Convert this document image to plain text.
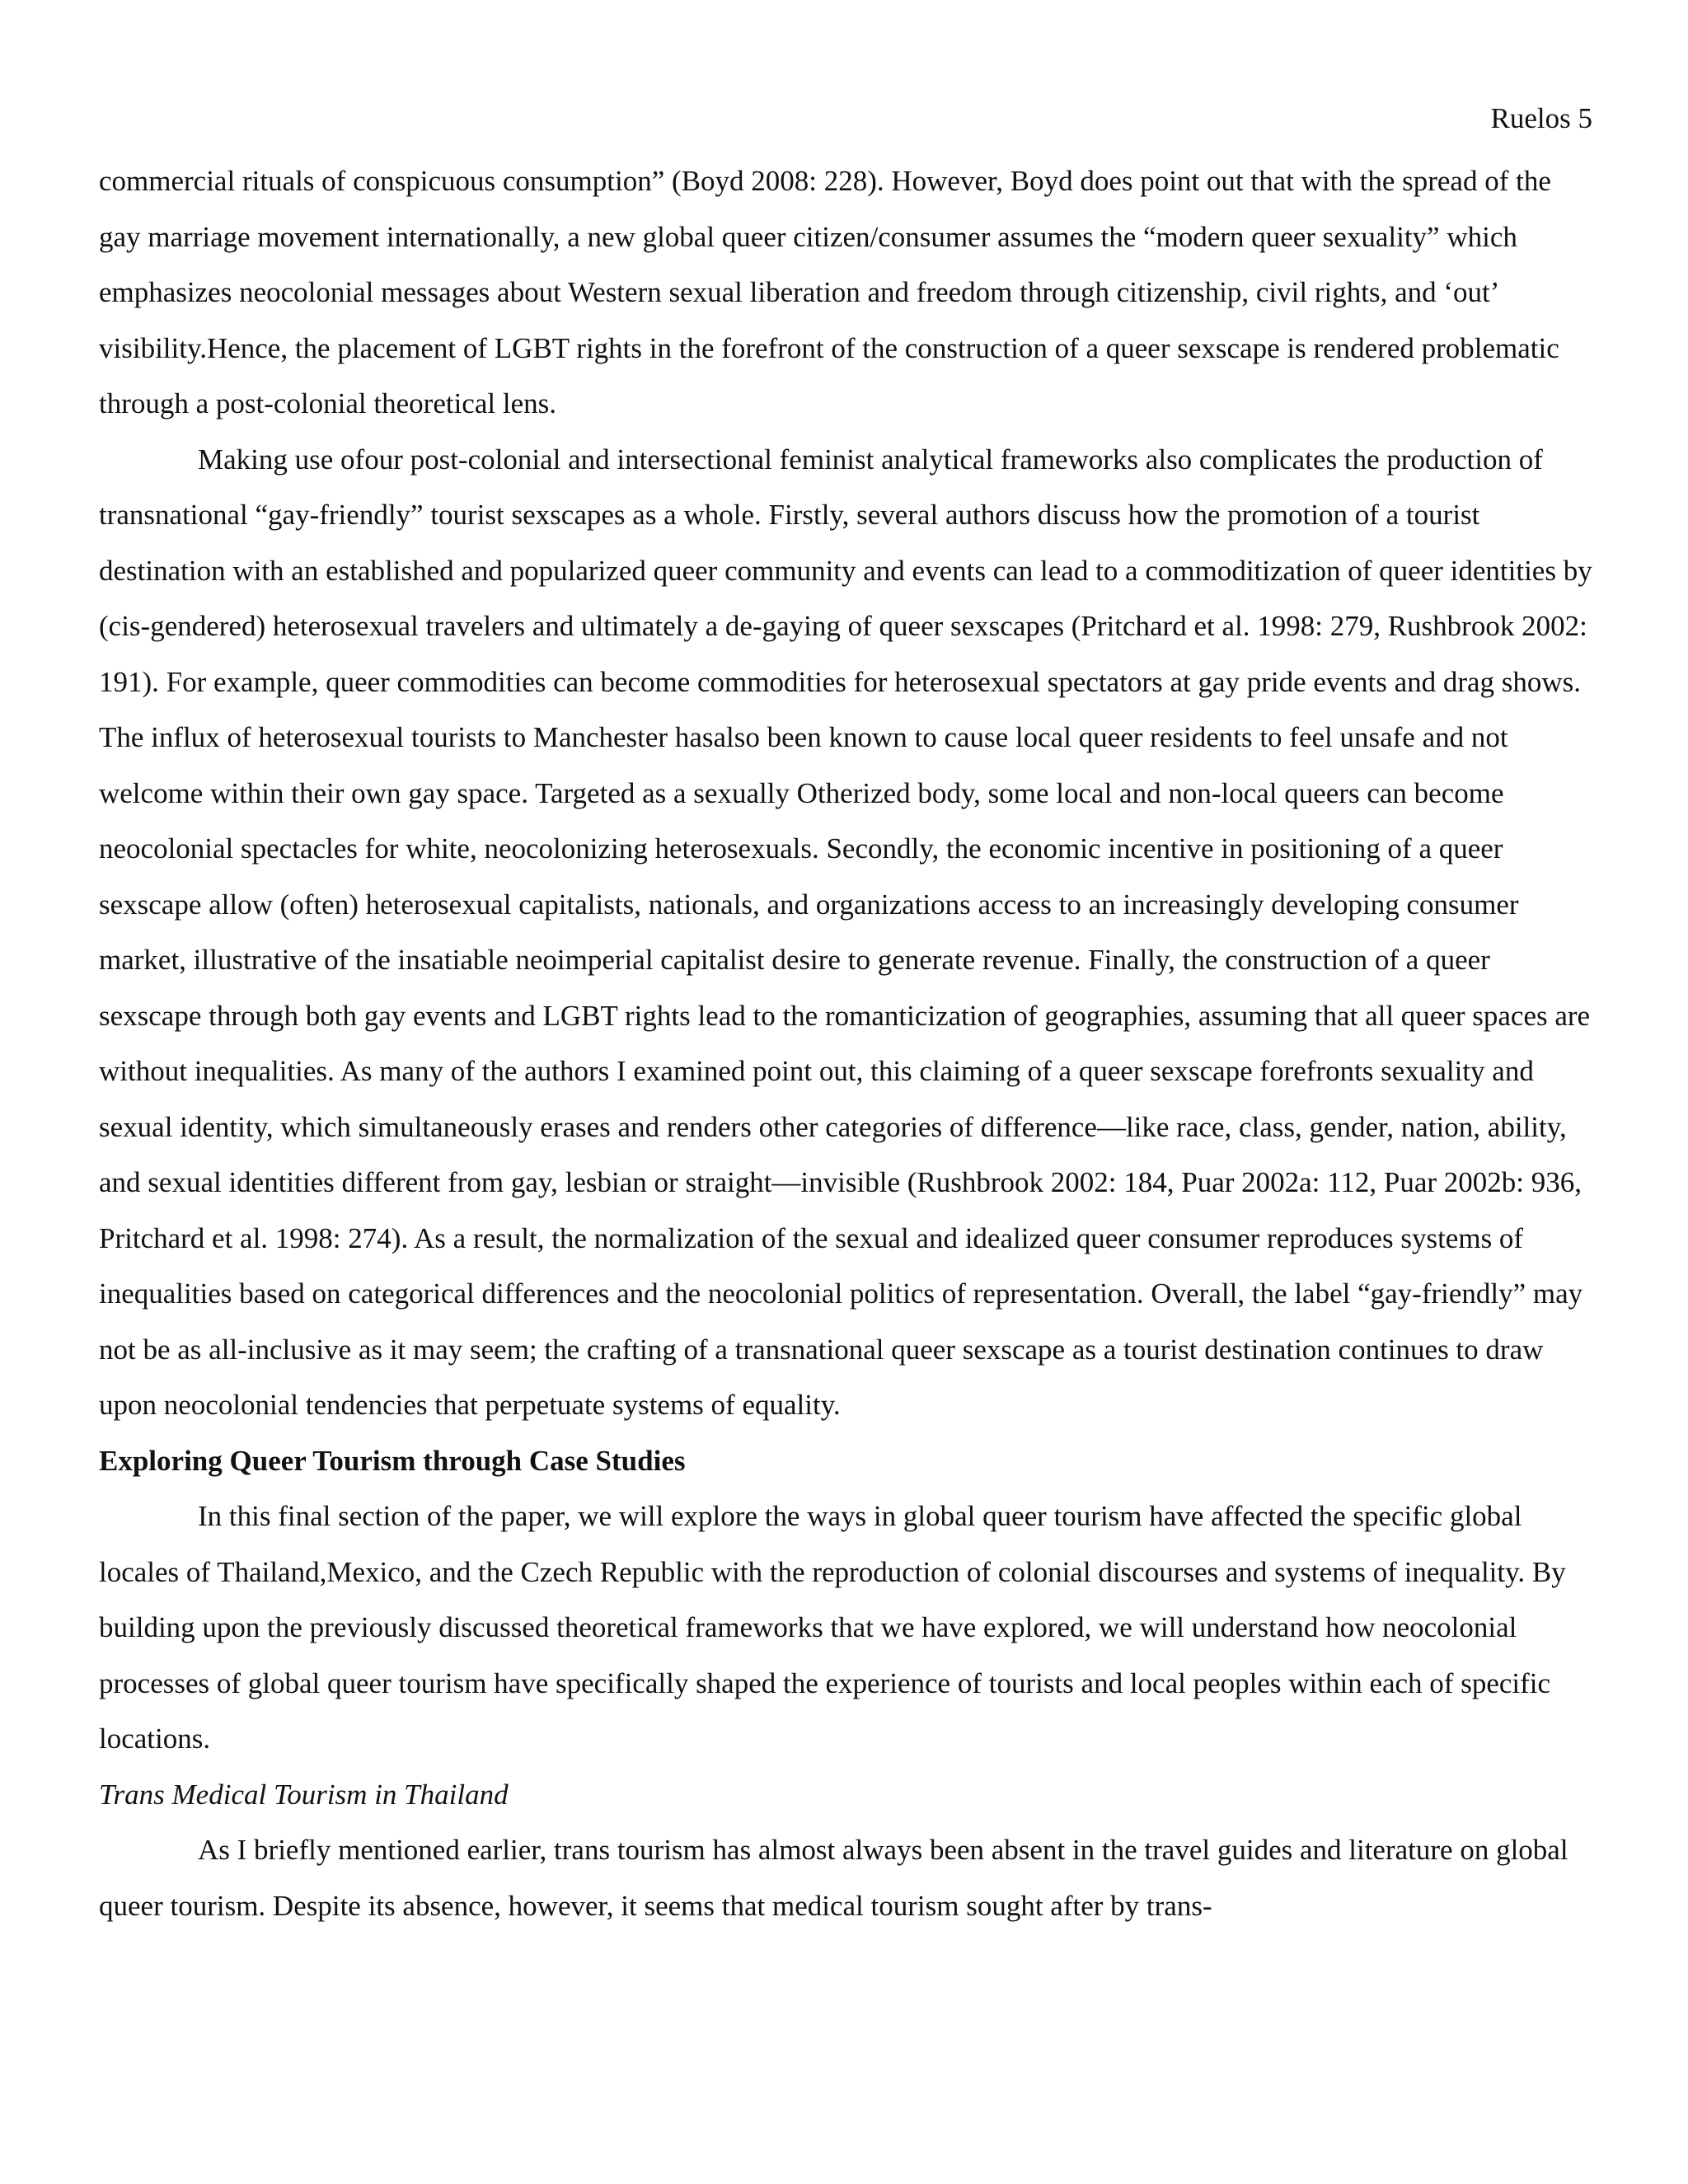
Ruelos 5

commercial rituals of conspicuous consumption” (Boyd 2008: 228). However, Boyd does point out that with the spread of the gay marriage movement internationally, a new global queer citizen/consumer assumes the “modern queer sexuality” which emphasizes neocolonial messages about Western sexual liberation and freedom through citizenship, civil rights, and ‘out’ visibility.Hence, the placement of LGBT rights in the forefront of the construction of a queer sexscape is rendered problematic through a post-colonial theoretical lens.

Making use ofour post-colonial and intersectional feminist analytical frameworks also complicates the production of transnational “gay-friendly” tourist sexscapes as a whole. Firstly, several authors discuss how the promotion of a tourist destination with an established and popularized queer community and events can lead to a commoditization of queer identities by (cis-gendered) heterosexual travelers and ultimately a de-gaying of queer sexscapes (Pritchard et al. 1998: 279, Rushbrook 2002: 191). For example, queer commodities can become commodities for heterosexual spectators at gay pride events and drag shows. The influx of heterosexual tourists to Manchester hasalso been known to cause local queer residents to feel unsafe and not welcome within their own gay space. Targeted as a sexually Otherized body, some local and non-local queers can become neocolonial spectacles for white, neocolonizing heterosexuals. Secondly, the economic incentive in positioning of a queer sexscape allow (often) heterosexual capitalists, nationals, and organizations access to an increasingly developing consumer market, illustrative of the insatiable neoimperial capitalist desire to generate revenue. Finally, the construction of a queer sexscape through both gay events and LGBT rights lead to the romanticization of geographies, assuming that all queer spaces are without inequalities. As many of the authors I examined point out, this claiming of a queer sexscape forefronts sexuality and sexual identity, which simultaneously erases and renders other categories of difference—like race, class, gender, nation, ability, and sexual identities different from gay, lesbian or straight—invisible (Rushbrook 2002: 184, Puar 2002a: 112, Puar 2002b: 936, Pritchard et al. 1998: 274). As a result, the normalization of the sexual and idealized queer consumer reproduces systems of inequalities based on categorical differences and the neocolonial politics of representation. Overall, the label “gay-friendly” may not be as all-inclusive as it may seem; the crafting of a transnational queer sexscape as a tourist destination continues to draw upon neocolonial tendencies that perpetuate systems of equality.

Exploring Queer Tourism through Case Studies

In this final section of the paper, we will explore the ways in global queer tourism have affected the specific global locales of Thailand,Mexico, and the Czech Republic with the reproduction of colonial discourses and systems of inequality. By building upon the previously discussed theoretical frameworks that we have explored, we will understand how neocolonial processes of global queer tourism have specifically shaped the experience of tourists and local peoples within each of specific locations.

Trans Medical Tourism in Thailand

As I briefly mentioned earlier, trans tourism has almost always been absent in the travel guides and literature on global queer tourism. Despite its absence, however, it seems that medical tourism sought after by trans-
